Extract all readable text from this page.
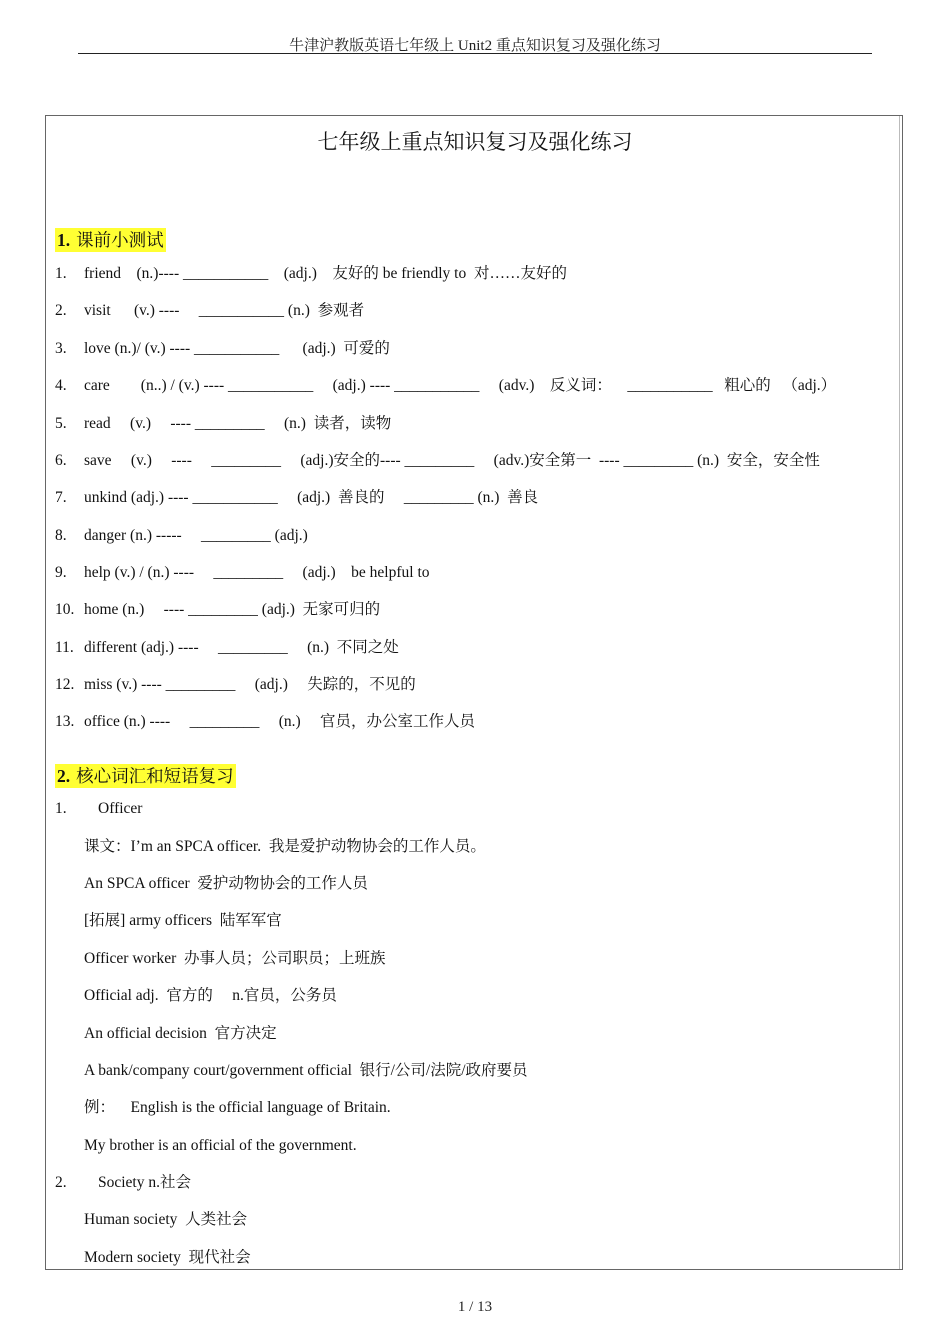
牛津沪教版英语七年级上 Unit2 重点知识复习及强化练习
七年级上重点知识复习及强化练习
1. 课前小测试
1. friend    (n.)---- ___________    (adj.)    友好的 be friendly to  对……友好的
2. visit      (v.) ----     ___________ (n.)  参观者
3. love (n.)/ (v.) ---- ___________      (adj.)  可爱的
4. care        (n..) / (v.) ---- ___________     (adj.) ---- ___________     (adv.)    反义词：    ___________   粗心的   （adj.）
5. read     (v.)     ---- _________     (n.)  读者，读物
6. save     (v.)     ----     _________     (adj.)安全的---- _________     (adv.)安全第一  ---- _________ (n.)  安全，安全性
7. unkind (adj.) ---- ___________     (adj.)  善良的     _________ (n.)  善良
8. danger (n.) -----     _________ (adj.)
9. help (v.) / (n.) ----     _________     (adj.)    be helpful to
10. home (n.)     ---- _________ (adj.)  无家可归的
11. different (adj.) ----     _________     (n.)  不同之处
12. miss (v.) ---- _________     (adj.)     失踪的，不见的
13. office (n.) ----     _________     (n.)     官员，办公室工作人员
2. 核心词汇和短语复习
1. Officer
课文：I’m an SPCA officer.  我是爱护动物协会的工作人员。
An SPCA officer  爱护动物协会的工作人员
[拓展] army officers  陆军军官
Officer worker  办事人员；公司职员；上班族
Official adj.  官方的     n.官员，公务员
An official decision  官方决定
A bank/company court/government official  银行/公司/法院/政府要员
例：    English is the official language of Britain.
My brother is an official of the government.
2. Society n.社会
Human society  人类社会
Modern society  现代社会
1 / 13
